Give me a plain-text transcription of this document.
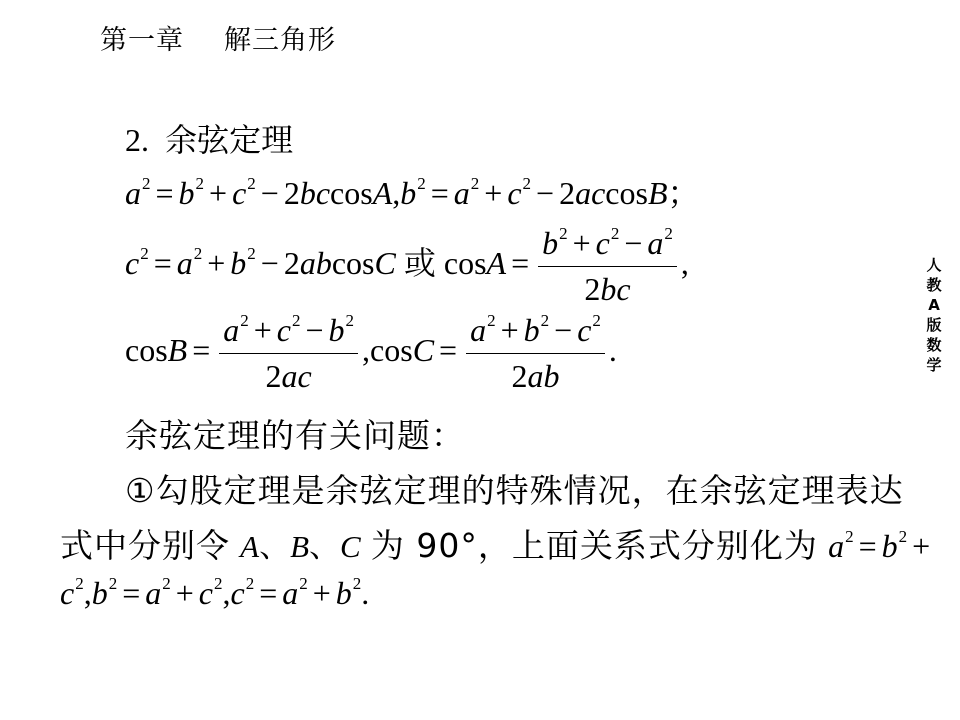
第一章 解三角形
人
教
A
版
数
学
2. 余弦定理
$a^2 = b^2 + c^2 - 2bccosA,b^2 = a^2 + c^2 - 2accosB$；
$c^2 = a^2 + b^2 - 2abcosC$ 或 $\cos A = \frac{b^2 + c^2 - a^2}{2bc}$ ,
$\cos B = \frac{a^2 + c^2 - b^2}{2ac} ,\cos C = \frac{a^2 + b^2 - c^2}{2ab}$ .
余弦定理的有关问题：
①勾股定理是余弦定理的特殊情况，在余弦定理表达
式中分别令 A、B、C 为 90°，上面关系式分别化为 $a^2 = b^2$ +
$c^2,b^2 = a^2 + c^2,c^2 = a^2 + b^2$.
